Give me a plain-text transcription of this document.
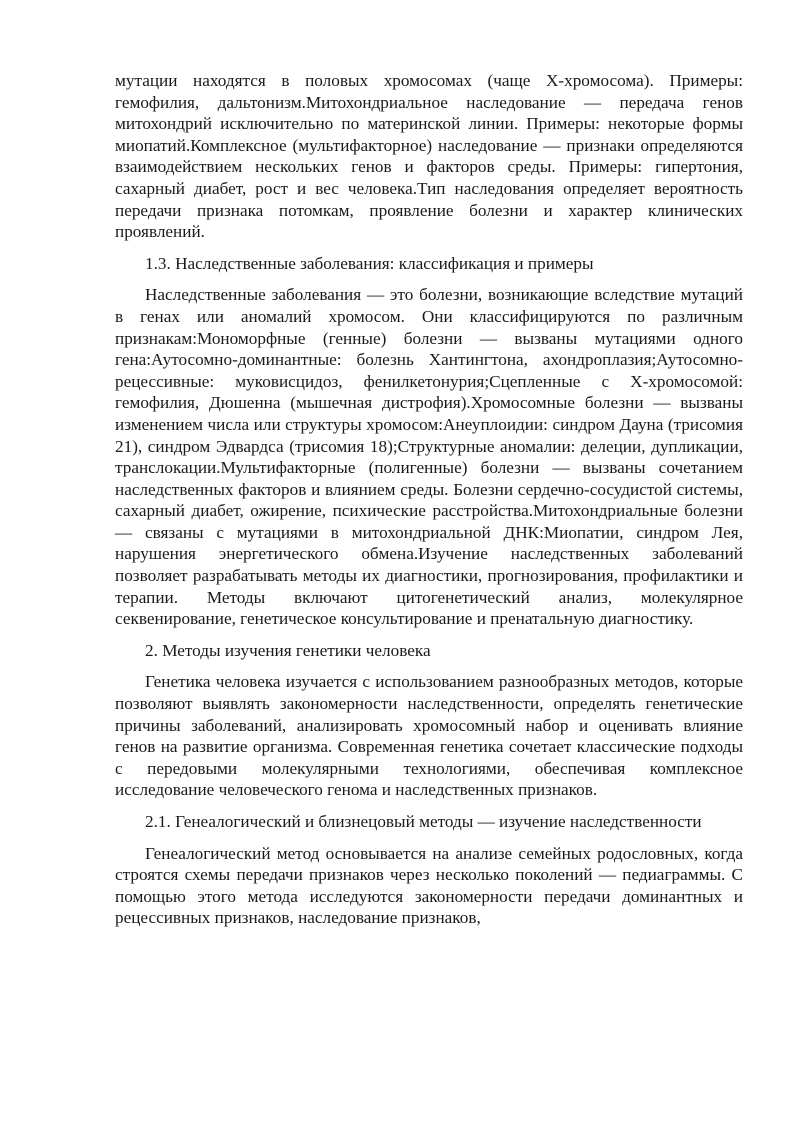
мутации находятся в половых хромосомах (чаще X-хромосома). Примеры: гемофилия, дальтонизм.Митохондриальное наследование — передача генов митохондрий исключительно по материнской линии. Примеры: некоторые формы миопатий.Комплексное (мультифакторное) наследование — признаки определяются взаимодействием нескольких генов и факторов среды. Примеры: гипертония, сахарный диабет, рост и вес человека.Тип наследования определяет вероятность передачи признака потомкам, проявление болезни и характер клинических проявлений.

1.3. Наследственные заболевания: классификация и примеры

Наследственные заболевания — это болезни, возникающие вследствие мутаций в генах или аномалий хромосом. Они классифицируются по различным признакам:Мономорфные (генные) болезни — вызваны мутациями одного гена:Аутосомно-доминантные: болезнь Хантингтона, ахондроплазия;Аутосомно-рецессивные: муковисцидоз, фенилкетонурия;Сцепленные с X-хромосомой: гемофилия, Дюшенна (мышечная дистрофия).Хромосомные болезни — вызваны изменением числа или структуры хромосом:Анеуплоидии: синдром Дауна (трисомия 21), синдром Эдвардса (трисомия 18);Структурные аномалии: делеции, дупликации, транслокации.Мультифакторные (полигенные) болезни — вызваны сочетанием наследственных факторов и влиянием среды. Болезни сердечно-сосудистой системы, сахарный диабет, ожирение, психические расстройства.Митохондриальные болезни — связаны с мутациями в митохондриальной ДНК:Миопатии, синдром Лея, нарушения энергетического обмена.Изучение наследственных заболеваний позволяет разрабатывать методы их диагностики, прогнозирования, профилактики и терапии. Методы включают цитогенетический анализ, молекулярное секвенирование, генетическое консультирование и пренатальную диагностику.

2. Методы изучения генетики человека

Генетика человека изучается с использованием разнообразных методов, которые позволяют выявлять закономерности наследственности, определять генетические причины заболеваний, анализировать хромосомный набор и оценивать влияние генов на развитие организма. Современная генетика сочетает классические подходы с передовыми молекулярными технологиями, обеспечивая комплексное исследование человеческого генома и наследственных признаков.

2.1. Генеалогический и близнецовый методы — изучение наследственности

Генеалогический метод основывается на анализе семейных родословных, когда строятся схемы передачи признаков через несколько поколений — педиаграммы. С помощью этого метода исследуются закономерности передачи доминантных и рецессивных признаков, наследование признаков,
